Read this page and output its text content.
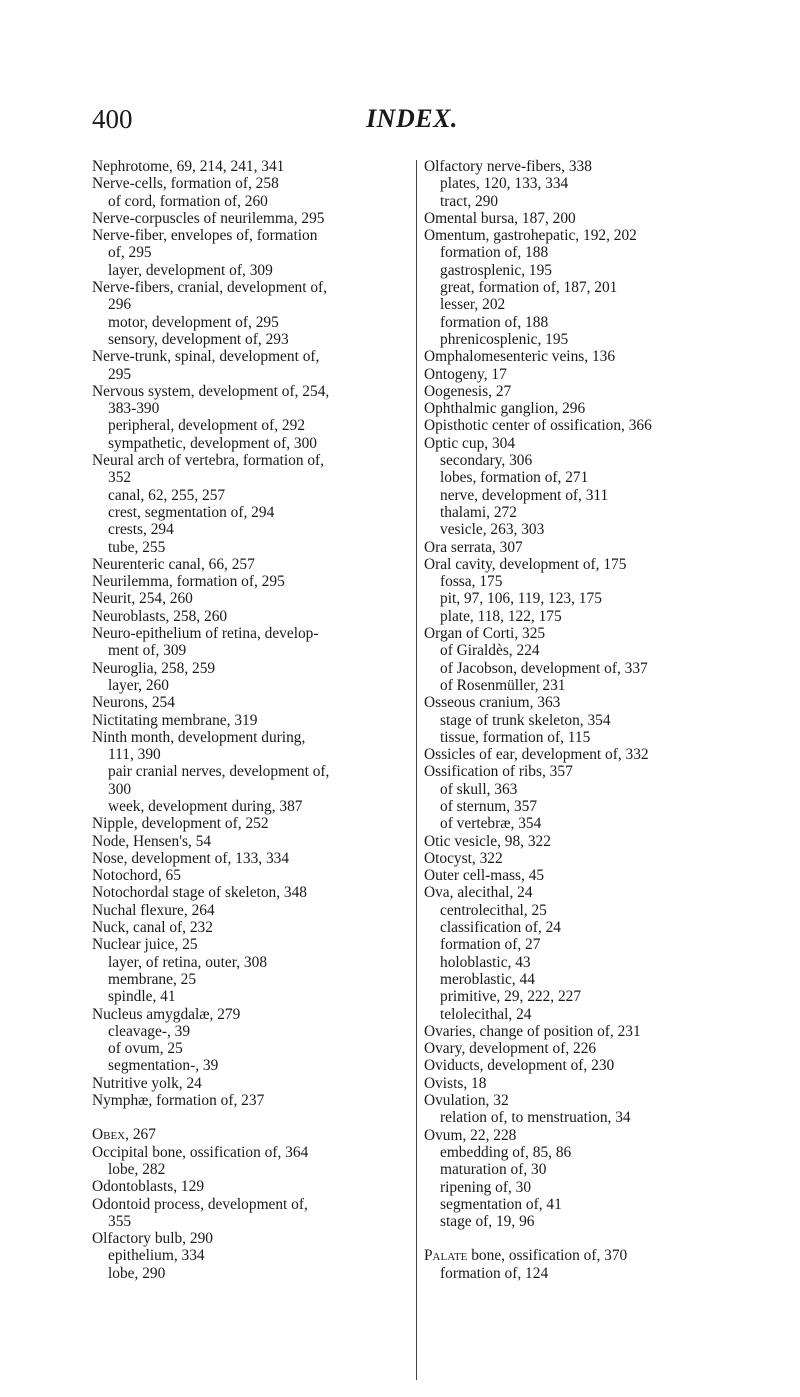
400	INDEX.
Nephrotome, 69, 214, 241, 341
Nerve-cells, formation of, 258
of cord, formation of, 260
Nerve-corpuscles of neurilemma, 295
Nerve-fiber, envelopes of, formation
of, 295
layer, development of, 309
Nerve-fibers, cranial, development of,
296
motor, development of, 295
sensory, development of, 293
Nerve-trunk, spinal, development of,
295
Nervous system, development of, 254,
383-390
peripheral, development of, 292
sympathetic, development of, 300
Neural arch of vertebra, formation of,
352
canal, 62, 255, 257
crest, segmentation of, 294
crests, 294
tube, 255
Neurenteric canal, 66, 257
Neurilemma, formation of, 295
Neurit, 254, 260
Neuroblasts, 258, 260
Neuro-epithelium of retina, develop-
ment of, 309
Neuroglia, 258, 259
layer, 260
Neurons, 254
Nictitating membrane, 319
Ninth month, development during,
111, 390
pair cranial nerves, development of,
300
week, development during, 387
Nipple, development of, 252
Node, Hensen's, 54
Nose, development of, 133, 334
Notochord, 65
Notochordal stage of skeleton, 348
Nuchal flexure, 264
Nuck, canal of, 232
Nuclear juice, 25
layer, of retina, outer, 308
membrane, 25
spindle, 41
Nucleus amygdalæ, 279
cleavage-, 39
of ovum, 25
segmentation-, 39
Nutritive yolk, 24
Nymphæ, formation of, 237
Obex, 267
Occipital bone, ossification of, 364
lobe, 282
Odontoblasts, 129
Odontoid process, development of,
355
Olfactory bulb, 290
epithelium, 334
lobe, 290
Olfactory nerve-fibers, 338
plates, 120, 133, 334
tract, 290
Omental bursa, 187, 200
Omentum, gastrohepatic, 192, 202
formation of, 188
gastrosplenic, 195
great, formation of, 187, 201
lesser, 202
formation of, 188
phrenicosplenic, 195
Omphalomesenteric veins, 136
Ontogeny, 17
Oogenesis, 27
Ophthalmic ganglion, 296
Opisthotic center of ossification, 366
Optic cup, 304
secondary, 306
lobes, formation of, 271
nerve, development of, 311
thalami, 272
vesicle, 263, 303
Ora serrata, 307
Oral cavity, development of, 175
fossa, 175
pit, 97, 106, 119, 123, 175
plate, 118, 122, 175
Organ of Corti, 325
of Giraldès, 224
of Jacobson, development of, 337
of Rosenmüller, 231
Osseous cranium, 363
stage of trunk skeleton, 354
tissue, formation of, 115
Ossicles of ear, development of, 332
Ossification of ribs, 357
of skull, 363
of sternum, 357
of vertebræ, 354
Otic vesicle, 98, 322
Otocyst, 322
Outer cell-mass, 45
Ova, alecithal, 24
centrolecithal, 25
classification of, 24
formation of, 27
holoblastic, 43
meroblastic, 44
primitive, 29, 222, 227
telolecithal, 24
Ovaries, change of position of, 231
Ovary, development of, 226
Oviducts, development of, 230
Ovists, 18
Ovulation, 32
relation of, to menstruation, 34
Ovum, 22, 228
embedding of, 85, 86
maturation of, 30
ripening of, 30
segmentation of, 41
stage of, 19, 96
Palate bone, ossification of, 370
formation of, 124
